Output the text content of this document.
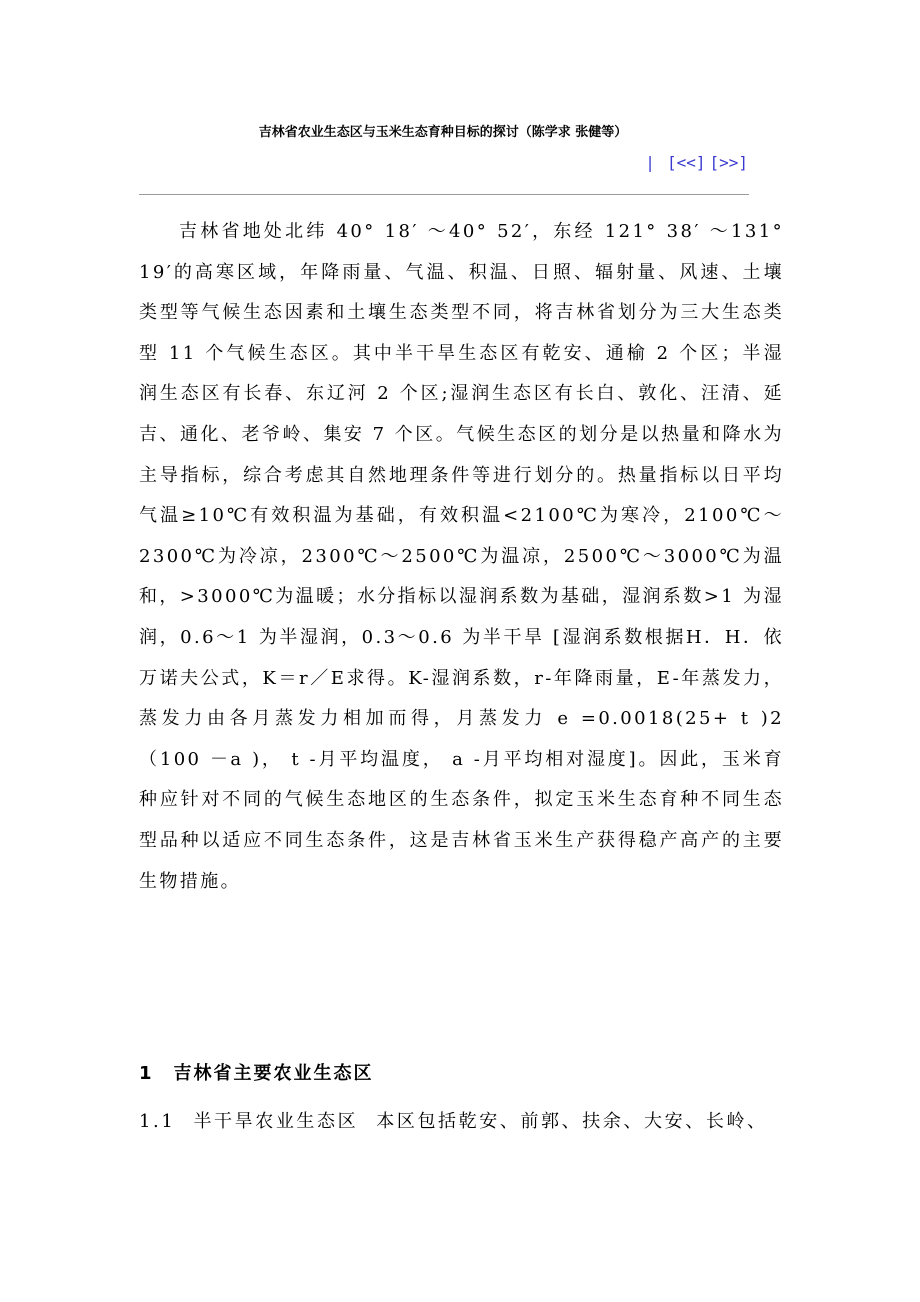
吉林省农业生态区与玉米生态育种目标的探讨（陈学求 张健等）
| [<<] [>>]

吉林省地处北纬 40° 18′ ～40° 52′，东经 121° 38′ ～131° 19′的高寒区域，年降雨量、气温、积温、日照、辐射量、风速、土壤类型等气候生态因素和土壤生态类型不同，将吉林省划分为三大生态类型 11 个气候生态区。其中半干旱生态区有乾安、通榆 2 个区；半湿润生态区有长春、东辽河 2 个区;湿润生态区有长白、敦化、汪清、延吉、通化、老爷岭、集安 7 个区。气候生态区的划分是以热量和降水为主导指标，综合考虑其自然地理条件等进行划分的。热量指标以日平均气温≥10℃有效积温为基础，有效积温<2100℃为寒冷，2100℃～2300℃为冷凉，2300℃～2500℃为温凉，2500℃～3000℃为温和，>3000℃为温暖；水分指标以湿润系数为基础，湿润系数>1 为湿润，0.6～1 为半湿润，0.3～0.6 为半干旱 [湿润系数根据H．H．依万诺夫公式，K＝r／E求得。K-湿润系数，r-年降雨量，E-年蒸发力，蒸发力由各月蒸发力相加而得，月蒸发力 e =0.0018(25+ t )2 （100 －a )， t -月平均温度， a -月平均相对湿度]。因此，玉米育种应针对不同的气候生态地区的生态条件，拟定玉米生态育种不同生态型品种以适应不同生态条件，这是吉林省玉米生产获得稳产高产的主要生物措施。

1 吉林省主要农业生态区
1.1 半干旱农业生态区 本区包括乾安、前郭、扶余、大安、长岭、
